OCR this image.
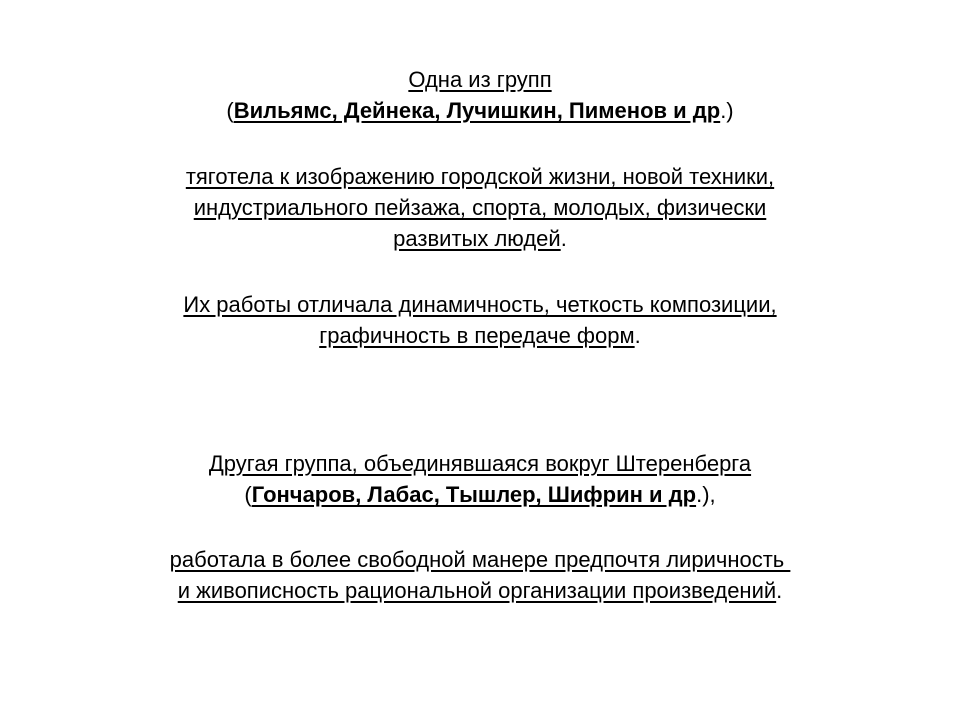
Одна из групп
(Вильямс, Дейнека, Лучишкин, Пименов и др.)
тяготела к изображению городской жизни, новой техники,
индустриального пейзажа, спорта, молодых, физически
развитых людей.
Их работы отличала динамичность, четкость композиции,
графичность в передаче форм.
Другая группа, объединявшаяся вокруг Штеренберга
(Гончаров, Лабас, Тышлер, Шифрин и др.),
работала в более свободной манере предпочтя лиричность
и живописность рациональной организации произведений.
